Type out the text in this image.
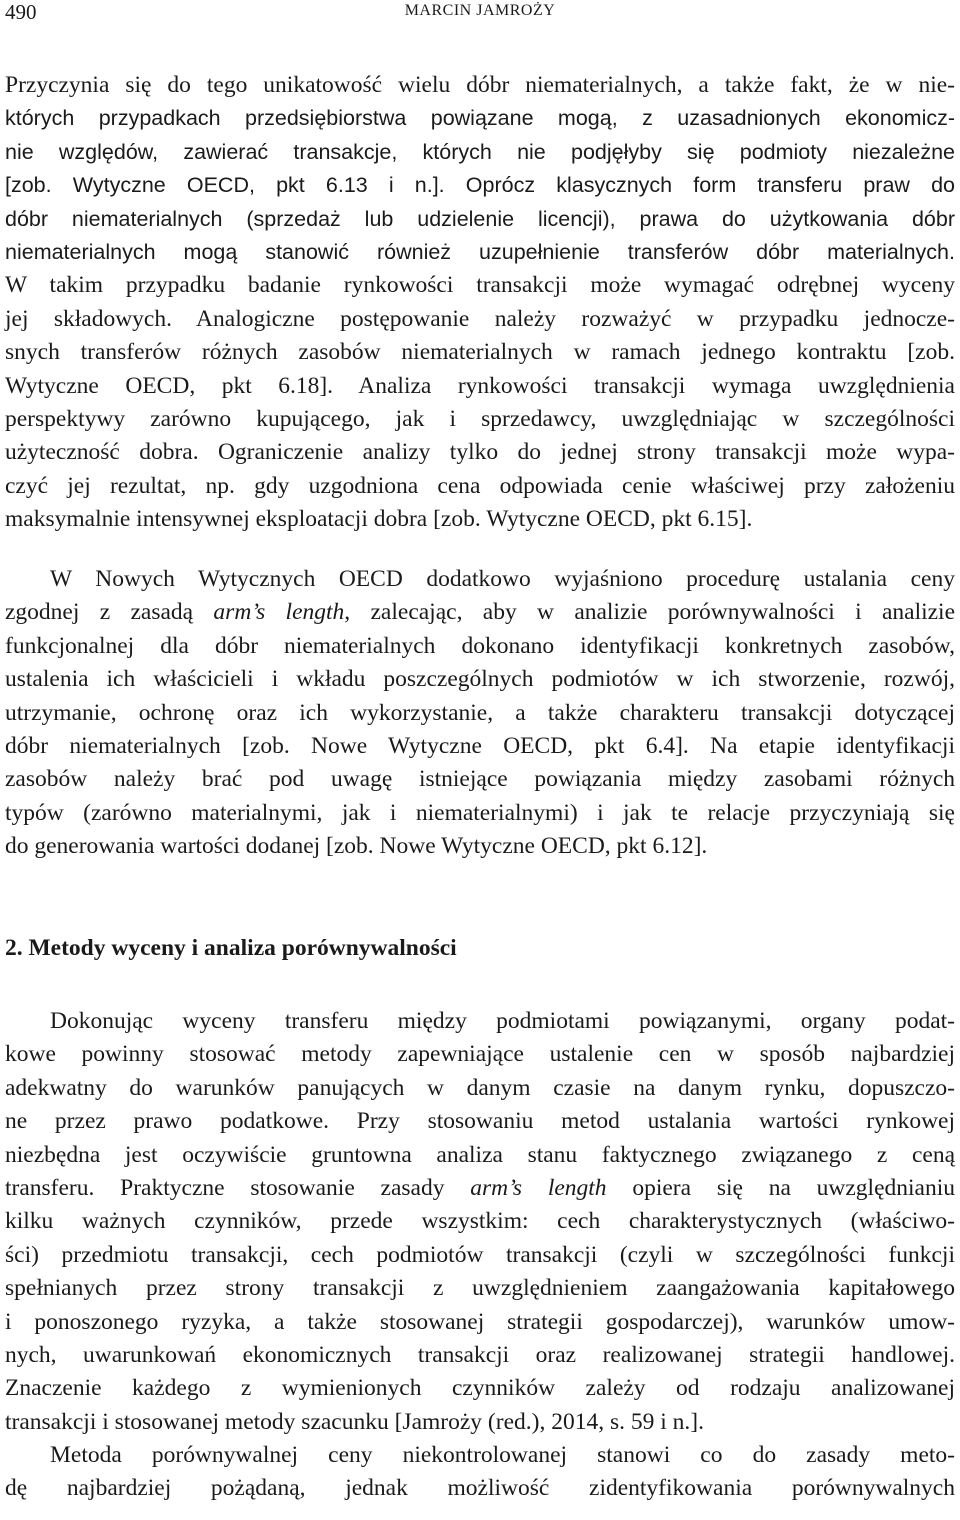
490	MARCIN JAMROŻY
Przyczynia się do tego unikatowość wielu dóbr niematerialnych, a także fakt, że w nie-
których przypadkach przedsiębiorstwa powiązane mogą, z uzasadnionych ekonomicz-
nie względów, zawierać transakcje, których nie podjęłyby się podmioty niezależne
[zob. Wytyczne OECD, pkt 6.13 i n.]. Oprócz klasycznych form transferu praw do
dóbr niematerialnych (sprzedaż lub udzielenie licencji), prawa do użytkowania dóbr
niematerialnych mogą stanowić również uzupełnienie transferów dóbr materialnych.
W takim przypadku badanie rynkowości transakcji może wymagać odrębnej wyceny
jej składowych. Analogiczne postępowanie należy rozważyć w przypadku jednocze-
snych transferów różnych zasobów niematerialnych w ramach jednego kontraktu [zob.
Wytyczne OECD, pkt 6.18]. Analiza rynkowości transakcji wymaga uwzględnienia
perspektywy zarówno kupującego, jak i sprzedawcy, uwzględniając w szczególności
użyteczność dobra. Ograniczenie analizy tylko do jednej strony transakcji może wypa-
czyć jej rezultat, np. gdy uzgodniona cena odpowiada cenie właściwej przy założeniu
maksymalnie intensywnej eksploatacji dobra [zob. Wytyczne OECD, pkt 6.15].
W Nowych Wytycznych OECD dodatkowo wyjaśniono procedurę ustalania ceny
zgodnej z zasadą arm’s length, zalecając, aby w analizie porównywalności i analizie
funkcjonalnej dla dóbr niematerialnych dokonano identyfikacji konkretnych zasobów,
ustalenia ich właścicieli i wkładu poszczególnych podmiotów w ich stworzenie, rozwój,
utrzymanie, ochronę oraz ich wykorzystanie, a także charakteru transakcji dotyczącej
dóbr niematerialnych [zob. Nowe Wytyczne OECD, pkt 6.4]. Na etapie identyfikacji
zasobów należy brać pod uwagę istniejące powiązania między zasobami różnych
typów (zarówno materialnymi, jak i niematerialnymi) i jak te relacje przyczyniają się
do generowania wartości dodanej [zob. Nowe Wytyczne OECD, pkt 6.12].
2. Metody wyceny i analiza porównywalności
Dokonując wyceny transferu między podmiotami powiązanymi, organy podat-
kowe powinny stosować metody zapewniające ustalenie cen w sposób najbardziej
adekwatny do warunków panujących w danym czasie na danym rynku, dopuszczo-
ne przez prawo podatkowe. Przy stosowaniu metod ustalania wartości rynkowej
niezbędna jest oczywiście gruntowna analiza stanu faktycznego związanego z ceną
transferu. Praktyczne stosowanie zasady arm’s length opiera się na uwzględnianiu
kilku ważnych czynników, przede wszystkim: cech charakterystycznych (właściwo-
ści) przedmiotu transakcji, cech podmiotów transakcji (czyli w szczególności funkcji
spełnianych przez strony transakcji z uwzględnieniem zaangażowania kapitałowego
i ponoszonego ryzyka, a także stosowanej strategii gospodarczej), warunków umow-
nych, uwarunkowań ekonomicznych transakcji oraz realizowanej strategii handlowej.
Znaczenie każdego z wymienionych czynników zależy od rodzaju analizowanej
transakcji i stosowanej metody szacunku [Jamroży (red.), 2014, s. 59 i n.].
Metoda porównywalnej ceny niekontrolowanej stanowi co do zasady meto-
dę najbardziej pożądaną, jednak możliwość zidentyfikowania porównywalnych
